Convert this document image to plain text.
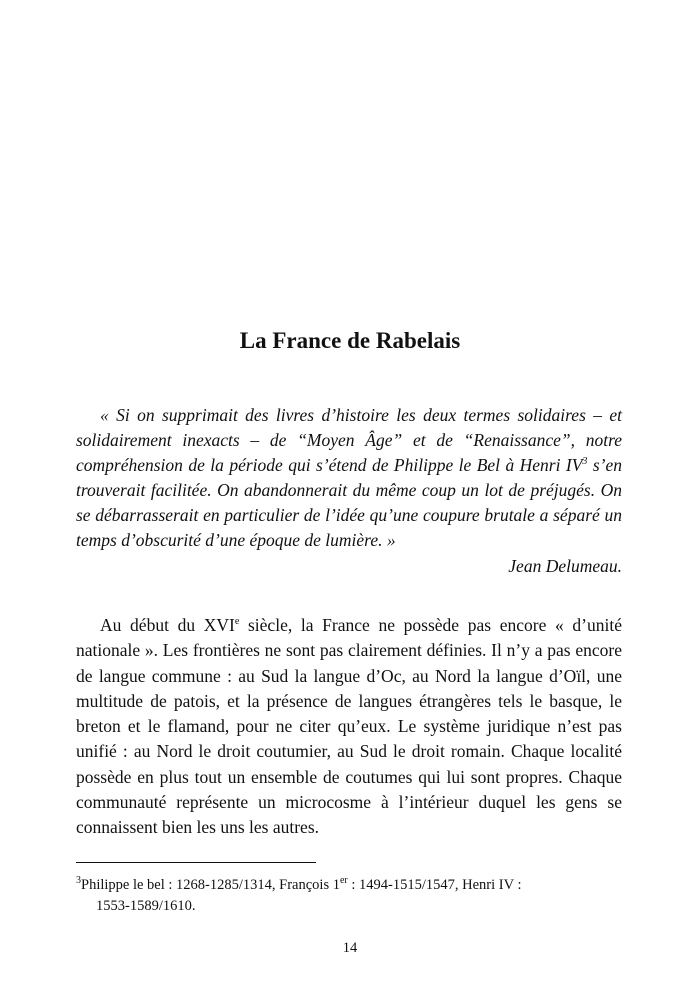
La France de Rabelais

« Si on supprimait des livres d’histoire les deux termes solidaires – et solidairement inexacts – de “Moyen Âge” et de “Renaissance”, notre compréhension de la période qui s’étend de Philippe le Bel à Henri $IV^3$ s’en trouverait facilitée. On abandonnerait du même coup un lot de préjugés. On se débarrasserait en particulier de l’idée qu’une coupure brutale a séparé un temps d’obscurité d’une époque de lumière. »

Jean Delumeau.

Au début du XVIe siècle, la France ne possède pas encore « d’unité nationale ». Les frontières ne sont pas clairement définies. Il n’y a pas encore de langue commune : au Sud la langue d’Oc, au Nord la langue d’Oïl, une multitude de patois, et la présence de langues étrangères tels le basque, le breton et le flamand, pour ne citer qu’eux. Le système juridique n’est pas unifié : au Nord le droit coutumier, au Sud le droit romain. Chaque localité possède en plus tout un ensemble de coutumes qui lui sont propres. Chaque communauté représente un microcosme à l’intérieur duquel les gens se connaissent bien les uns les autres.

$^3$Philippe le bel : 1268-1285/1314, François 1er : 1494-1515/1547, Henri IV :
1553-1589/1610.
14
